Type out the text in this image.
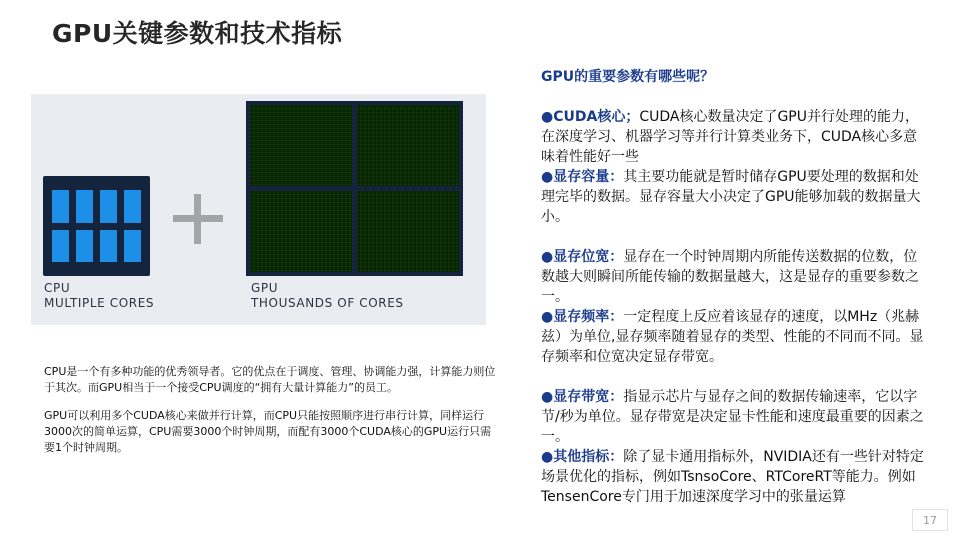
GPU关键参数和技术指标
CPU
MULTIPLE CORES
GPU
THOUSANDS OF CORES

CPU是一个有多种功能的优秀领导者。它的优点在于调度、管理、协调能力强，计算能力则位于其次。而GPU相当于一个接受CPU调度的“拥有大量计算能力”的员工。

GPU可以利用多个CUDA核心来做并行计算，而CPU只能按照顺序进行串行计算，同样运行3000次的简单运算，CPU需要3000个时钟周期，而配有3000个CUDA核心的GPU运行只需要1个时钟周期。

GPU的重要参数有哪些呢？
●CUDA核心；CUDA核心数量决定了GPU并行处理的能力，在深度学习、机器学习等并行计算类业务下，CUDA核心多意味着性能好一些
●显存容量：其主要功能就是暂时储存GPU要处理的数据和处理完毕的数据。显存容量大小决定了GPU能够加载的数据量大小。
●显存位宽：显存在一个时钟周期内所能传送数据的位数，位数越大则瞬间所能传输的数据量越大，这是显存的重要参数之一。
●显存频率：一定程度上反应着该显存的速度，以MHz（兆赫兹）为单位,显存频率随着显存的类型、性能的不同而不同。显存频率和位宽决定显存带宽。
●显存带宽：指显示芯片与显存之间的数据传输速率，它以字节/秒为单位。显存带宽是决定显卡性能和速度最重要的因素之一。
●其他指标：除了显卡通用指标外，NVIDIA还有一些针对特定场景优化的指标，例如TsnsoCore、RTCoreRT等能力。例如TensenCore专门用于加速深度学习中的张量运算
17
